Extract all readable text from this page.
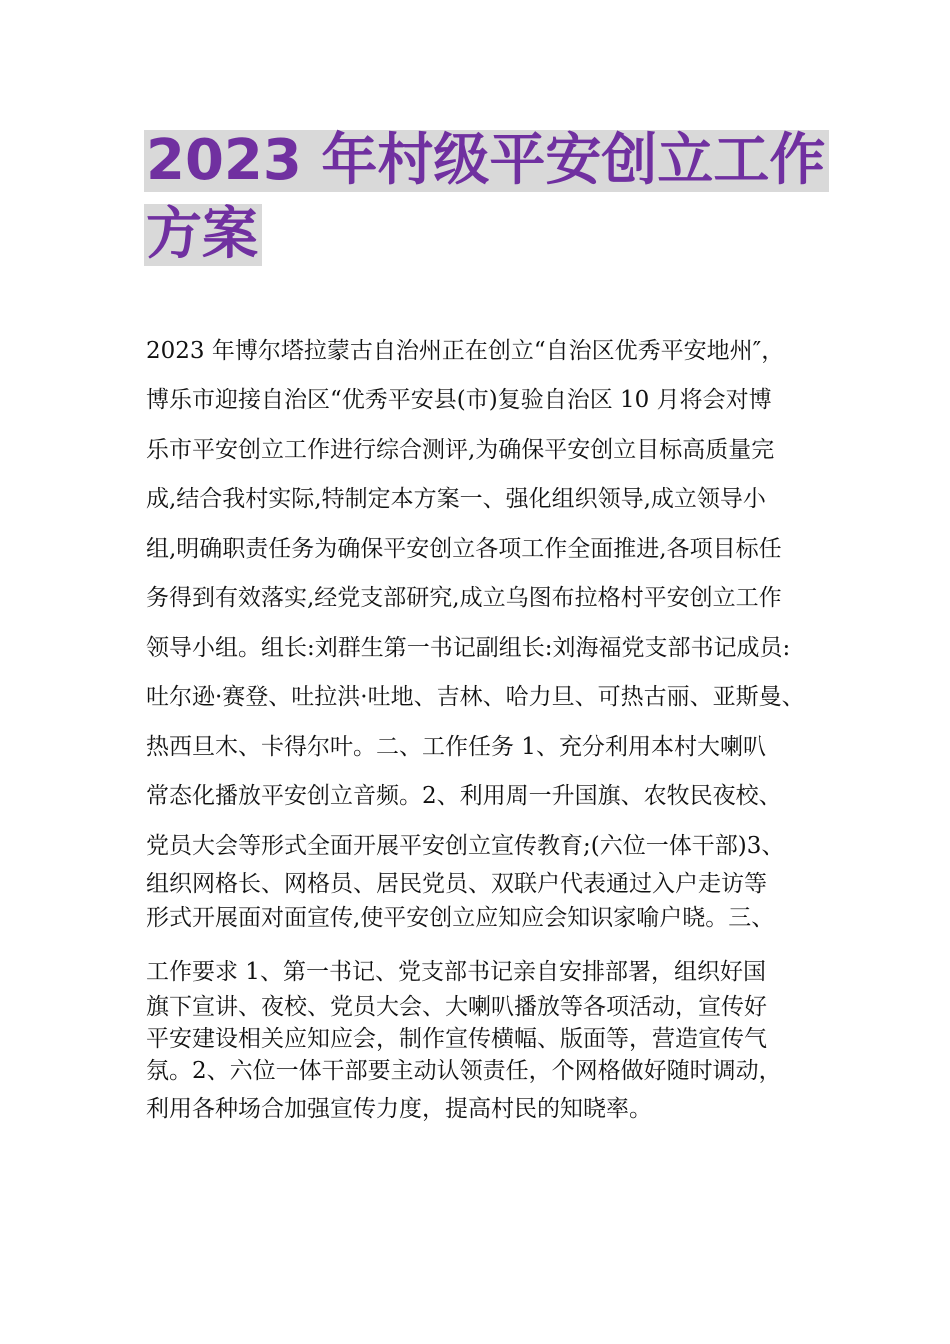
2023 年村级平安创立工作
方案
2023 年博尔塔拉蒙古自治州正在创立“自治区优秀平安地州″，
博乐市迎接自治区“优秀平安县(市)复验自治区 10 月将会对博
乐市平安创立工作进行综合测评,为确保平安创立目标高质量完
成,结合我村实际,特制定本方案一、强化组织领导,成立领导小
组,明确职责任务为确保平安创立各项工作全面推进,各项目标任
务得到有效落实,经党支部研究,成立乌图布拉格村平安创立工作
领导小组。组长:刘群生第一书记副组长:刘海福党支部书记成员:
吐尔逊·赛登、吐拉洪·吐地、吉林、哈力旦、可热古丽、亚斯曼、
热西旦木、卡得尔叶。二、工作任务 1、充分利用本村大喇叭
常态化播放平安创立音频。2、利用周一升国旗、农牧民夜校、
党员大会等形式全面开展平安创立宣传教育;(六位一体干部)3、
组织网格长、网格员、居民党员、双联户代表通过入户走访等
形式开展面对面宣传,使平安创立应知应会知识家喻户晓。三、
工作要求 1、第一书记、党支部书记亲自安排部署，组织好国
旗下宣讲、夜校、党员大会、大喇叭播放等各项活动，宣传好
平安建设相关应知应会，制作宣传横幅、版面等，营造宣传气
氛。2、六位一体干部要主动认领责任，个网格做好随时调动，
利用各种场合加强宣传力度，提高村民的知晓率。
